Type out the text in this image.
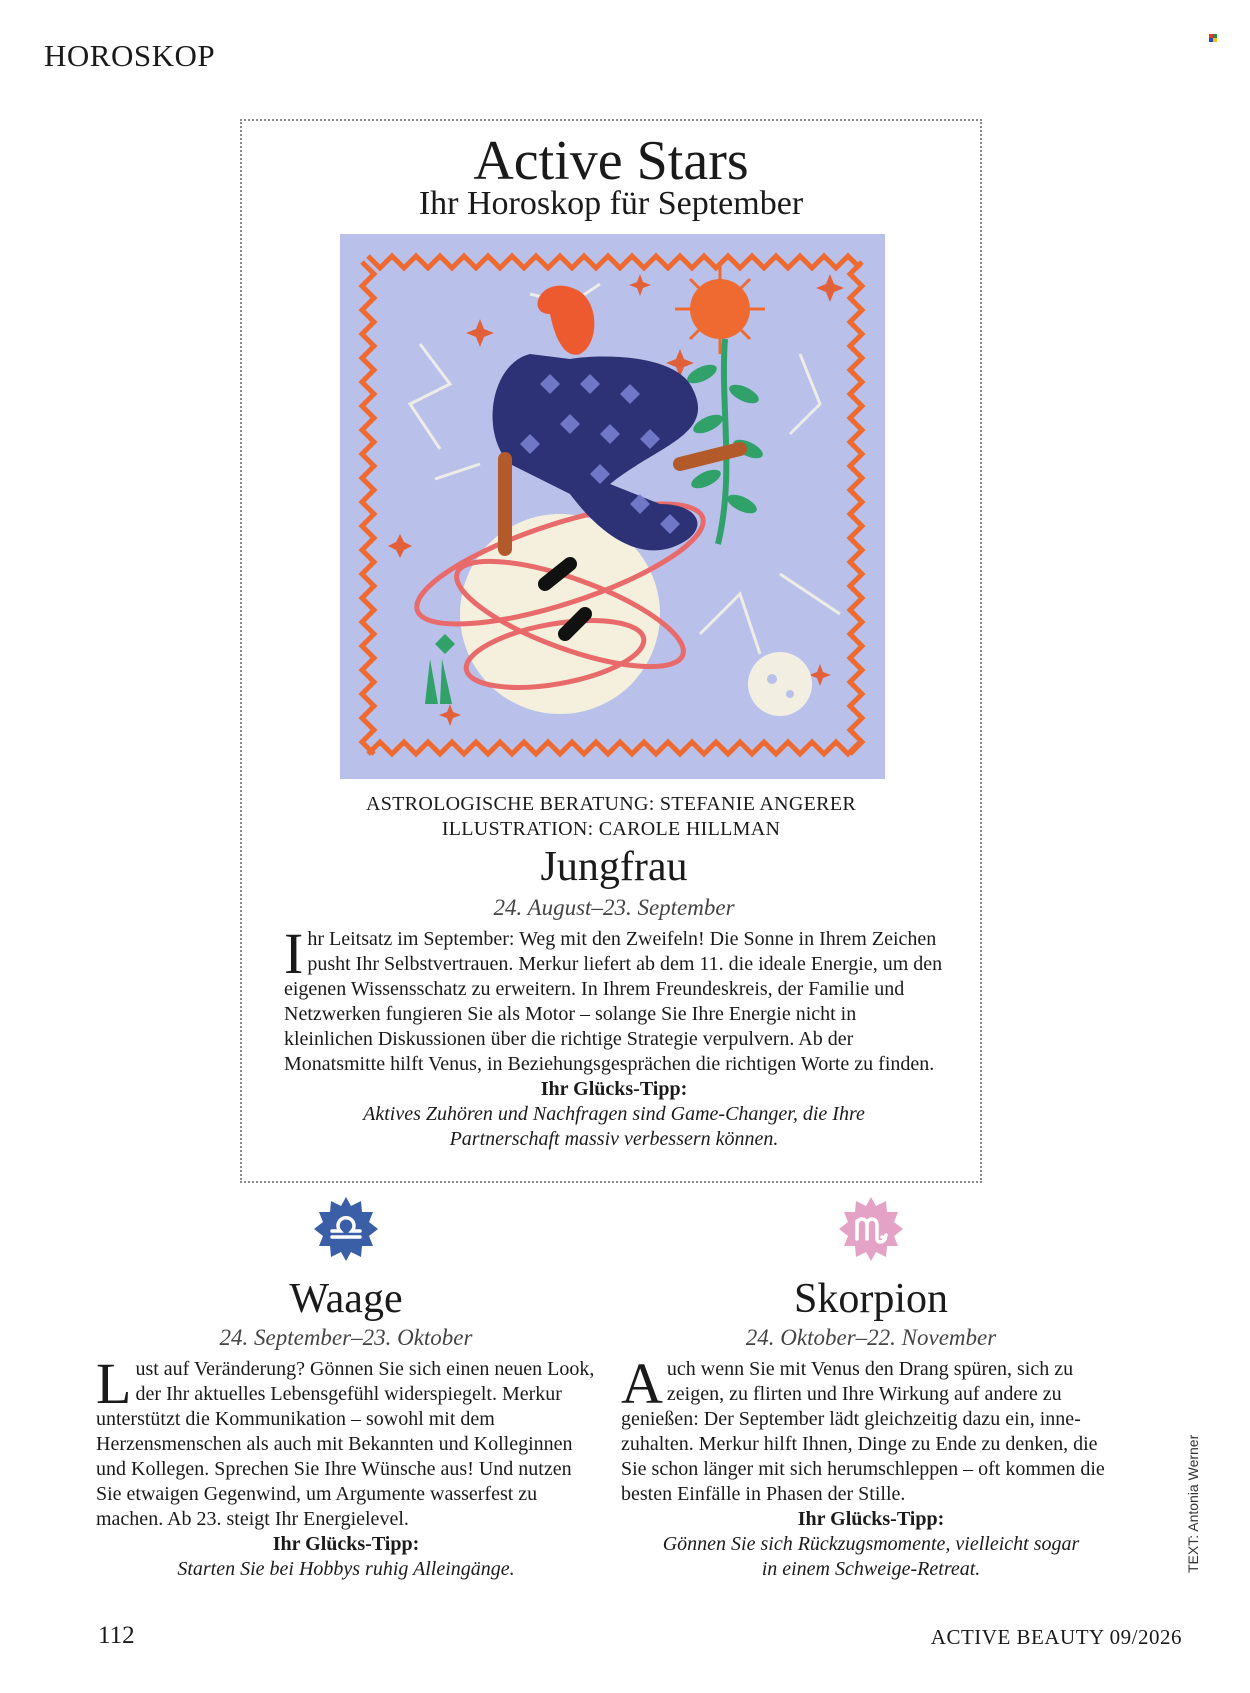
HOROSKOP
Active Stars
Ihr Horoskop für September
ASTROLOGISCHE BERATUNG: STEFANIE ANGERER
ILLUSTRATION: CAROLE HILLMAN
Jungfrau
24. August–23. September
Ihr Leitsatz im September: Weg mit den Zweifeln! Die Sonne in Ihrem Zeichen pusht Ihr Selbstvertrauen. Merkur liefert ab dem 11. die ideale Energie, um den eigenen Wissensschatz zu erweitern. In Ihrem Freundeskreis, der Familie und Netzwerken fungieren Sie als Motor – solange Sie Ihre Energie nicht in kleinlichen Diskussionen über die richtige Strategie verpulvern. Ab der Monatsmitte hilft Venus, in Beziehungsgesprächen die richtigen Worte zu finden.
Ihr Glücks-Tipp:
Aktives Zuhören und Nachfragen sind Game-Changer, die Ihre Partnerschaft massiv verbessern können.
Waage
24. September–23. Oktober
Lust auf Veränderung? Gönnen Sie sich einen neuen Look, der Ihr aktuelles Lebensgefühl widerspiegelt. Merkur unterstützt die Kommunikation – sowohl mit dem Herzensmenschen als auch mit Bekannten und Kolleginnen und Kollegen. Sprechen Sie Ihre Wünsche aus! Und nutzen Sie etwaigen Gegenwind, um Argumente wasserfest zu machen. Ab 23. steigt Ihr Energielevel.
Ihr Glücks-Tipp:
Starten Sie bei Hobbys ruhig Alleingänge.
Skorpion
24. Oktober–22. November
Auch wenn Sie mit Venus den Drang spüren, sich zu zeigen, zu flirten und Ihre Wirkung auf andere zu genießen: Der September lädt gleichzeitig dazu ein, inne-zuhalten. Merkur hilft Ihnen, Dinge zu Ende zu denken, die Sie schon länger mit sich herumschleppen – oft kommen die besten Einfälle in Phasen der Stille.
Ihr Glücks-Tipp:
Gönnen Sie sich Rückzugsmomente, vielleicht sogar in einem Schweige-Retreat.	TEXT: Antonia Werner
112	ACTIVE BEAUTY 09/2026
